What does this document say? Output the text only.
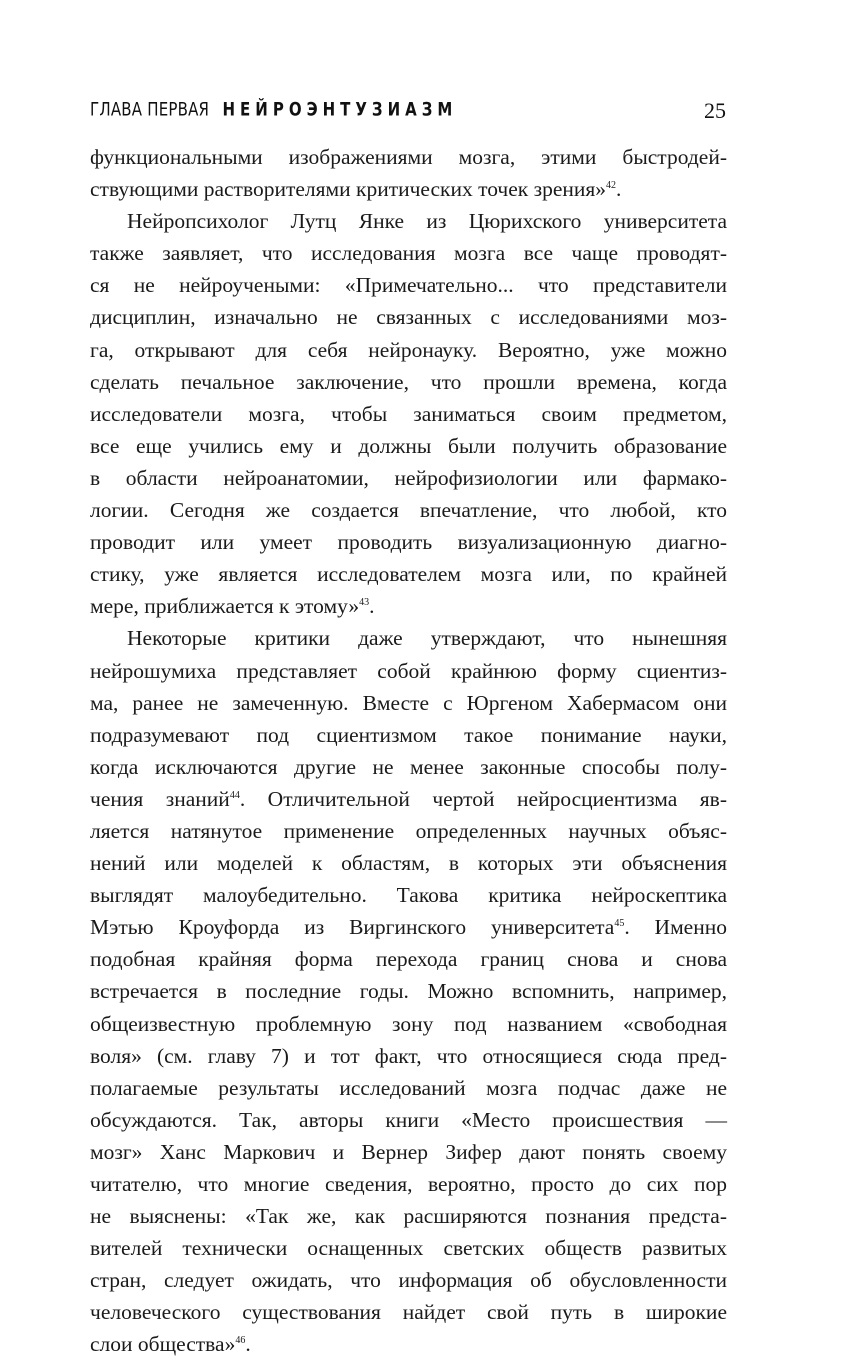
ГЛАВА ПЕРВАЯ НЕЙРОЭНТУЗИАЗМ	25
функциональными изображениями мозга, этими быстродей-
ствующими растворителями критических точек зрения»$^{42}$.
Нейропсихолог Лутц Янке из Цюрихского университета
также заявляет, что исследования мозга все чаще проводят-
ся не нейроучеными: «Примечательно... что представители
дисциплин, изначально не связанных с исследованиями моз-
га, открывают для себя нейронауку. Вероятно, уже можно
сделать печальное заключение, что прошли времена, когда
исследователи мозга, чтобы заниматься своим предметом,
все еще учились ему и должны были получить образование
в области нейроанатомии, нейрофизиологии или фармако-
логии. Сегодня же создается впечатление, что любой, кто
проводит или умеет проводить визуализационную диагно-
стику, уже является исследователем мозга или, по крайней
мере, приближается к этому»$^{43}$.
Некоторые критики даже утверждают, что нынешняя
нейрошумиха представляет собой крайнюю форму сциентиз-
ма, ранее не замеченную. Вместе с Юргеном Хабермасом они
подразумевают под сциентизмом такое понимание науки,
когда исключаются другие не менее законные способы полу-
чения знаний$^{44}$. Отличительной чертой нейросциентизма яв-
ляется натянутое применение определенных научных объяс-
нений или моделей к областям, в которых эти объяснения
выглядят малоубедительно. Такова критика нейроскептика
Мэтью Кроуфорда из Виргинского университета$^{45}$. Именно
подобная крайняя форма перехода границ снова и снова
встречается в последние годы. Можно вспомнить, например,
общеизвестную проблемную зону под названием «свободная
воля» (см. главу 7) и тот факт, что относящиеся сюда пред-
полагаемые результаты исследований мозга подчас даже не
обсуждаются. Так, авторы книги «Место происшествия —
мозг» Ханс Маркович и Вернер Зифер дают понять своему
читателю, что многие сведения, вероятно, просто до сих пор
не выяснены: «Так же, как расширяются познания предста-
вителей технически оснащенных светских обществ развитых
стран, следует ожидать, что информация об обусловленности
человеческого существования найдет свой путь в широкие
слои общества»$^{46}$.
